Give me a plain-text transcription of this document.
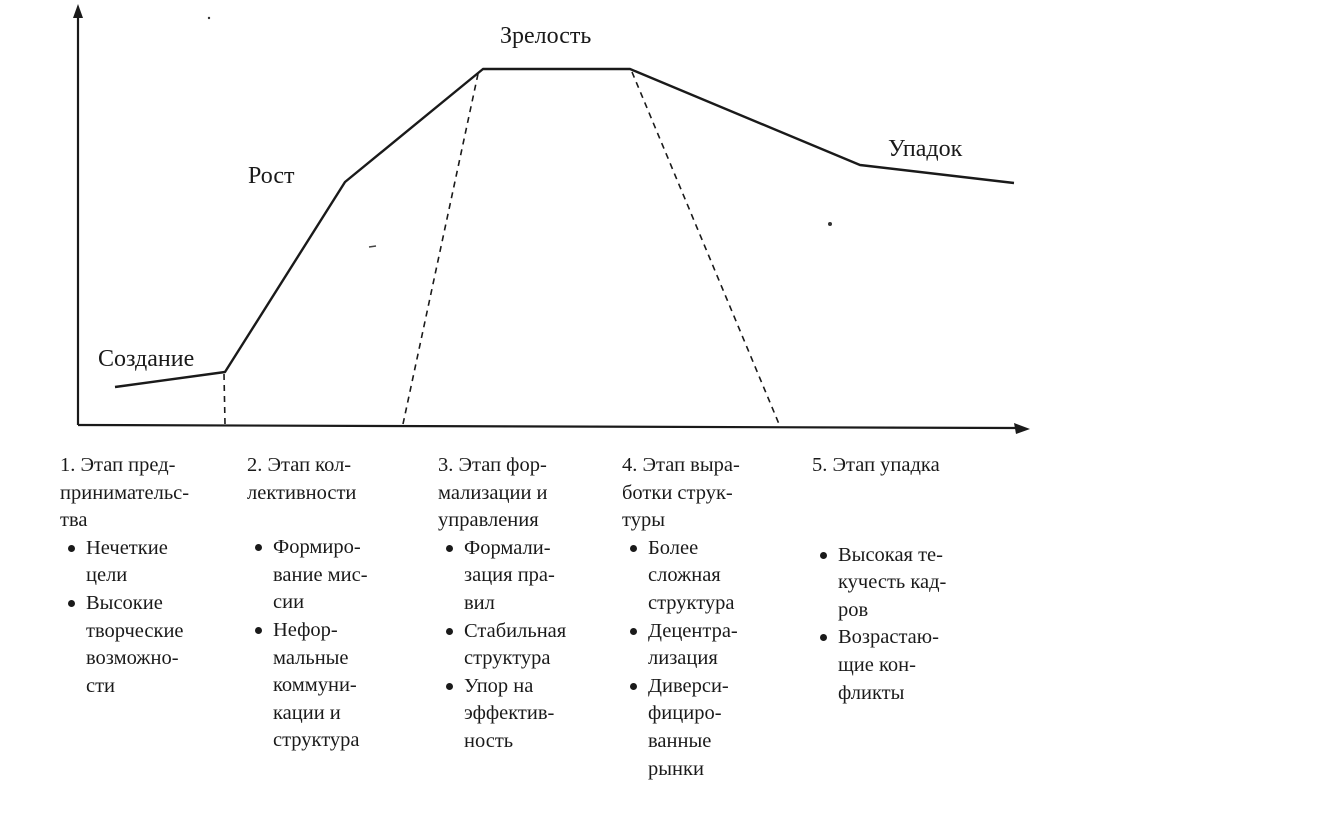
Создание
Рост
Зрелость
Упадок

1. Этап пред-
принимательс-
тва

Нечеткие
цели
Высокие
творческие
возможно-
сти

2. Этап кол-
лективности

Формиро-
вание мис-
сии
Нефор-
мальные
коммуни-
кации и
структура

3. Этап фор-
мализации и
управления

Формали-
зация пра-
вил
Стабильная
структура
Упор на
эффектив-
ность

4. Этап выра-
ботки струк-
туры

Более
сложная
структура
Децентра-
лизация
Диверси-
фициро-
ванные
рынки

5. Этап упадка

Высокая те-
кучесть кад-
ров
Возрастаю-
щие кон-
фликты
